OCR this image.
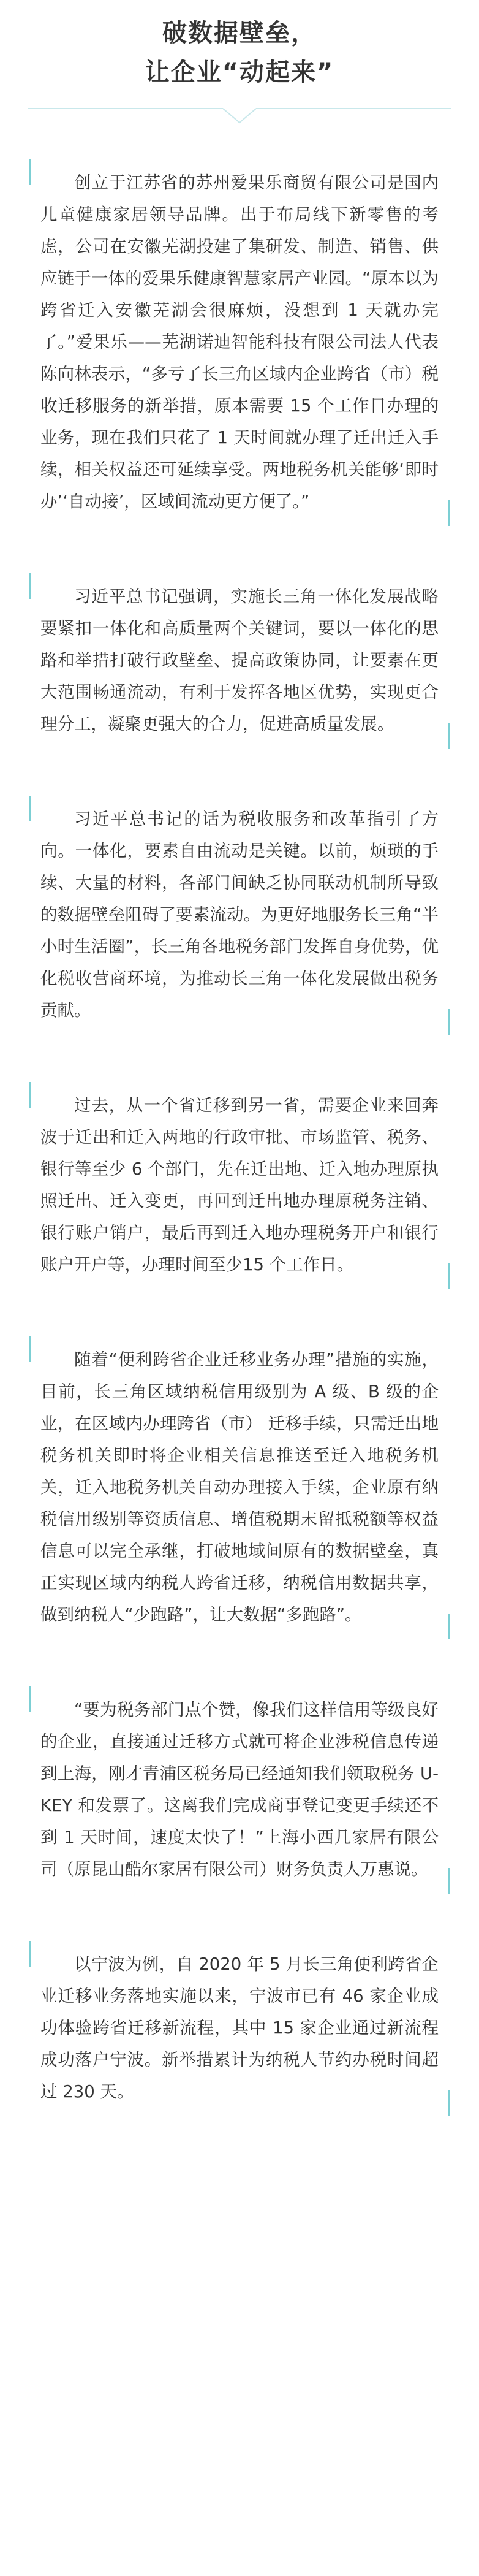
破数据壁垒，
让企业“动起来”

创立于江苏省的苏州爱果乐商贸有限公司是国内儿童健康家居领导品牌。出于布局线下新零售的考虑，公司在安徽芜湖投建了集研发、制造、销售、供应链于一体的爱果乐健康智慧家居产业园。“原本以为跨省迁入安徽芜湖会很麻烦，没想到 1 天就办完了。”爱果乐——芜湖诺迪智能科技有限公司法人代表陈向林表示，“多亏了长三角区域内企业跨省（市）税收迁移服务的新举措，原本需要 15 个工作日办理的业务，现在我们只花了 1 天时间就办理了迁出迁入手续，相关权益还可延续享受。两地税务机关能够‘即时办’‘自动接’，区域间流动更方便了。”

习近平总书记强调，实施长三角一体化发展战略要紧扣一体化和高质量两个关键词，要以一体化的思路和举措打破行政壁垒、提高政策协同，让要素在更大范围畅通流动，有利于发挥各地区优势，实现更合理分工，凝聚更强大的合力，促进高质量发展。

习近平总书记的话为税收服务和改革指引了方向。一体化，要素自由流动是关键。以前，烦琐的手续、大量的材料，各部门间缺乏协同联动机制所导致的数据壁垒阻碍了要素流动。为更好地服务长三角“半小时生活圈”，长三角各地税务部门发挥自身优势，优化税收营商环境，为推动长三角一体化发展做出税务贡献。

过去，从一个省迁移到另一省，需要企业来回奔波于迁出和迁入两地的行政审批、市场监管、税务、银行等至少 6 个部门，先在迁出地、迁入地办理原执照迁出、迁入变更，再回到迁出地办理原税务注销、银行账户销户，最后再到迁入地办理税务开户和银行账户开户等，办理时间至少15 个工作日。

随着“便利跨省企业迁移业务办理”措施的实施，目前，长三角区域纳税信用级别为 A 级、B 级的企业，在区域内办理跨省（市） 迁移手续，只需迁出地税务机关即时将企业相关信息推送至迁入地税务机关，迁入地税务机关自动办理接入手续，企业原有纳税信用级别等资质信息、增值税期末留抵税额等权益信息可以完全承继，打破地域间原有的数据壁垒，真正实现区域内纳税人跨省迁移，纳税信用数据共享，做到纳税人“少跑路”，让大数据“多跑路”。

“要为税务部门点个赞，像我们这样信用等级良好的企业，直接通过迁移方式就可将企业涉税信息传递到上海，刚才青浦区税务局已经通知我们领取税务 U-KEY 和发票了。这离我们完成商事登记变更手续还不到 1 天时间，速度太快了！”上海小西几家居有限公司（原昆山酷尔家居有限公司）财务负责人万惠说。

以宁波为例，自 2020 年 5 月长三角便利跨省企业迁移业务落地实施以来，宁波市已有 46 家企业成功体验跨省迁移新流程，其中 15 家企业通过新流程成功落户宁波。新举措累计为纳税人节约办税时间超过 230 天。
